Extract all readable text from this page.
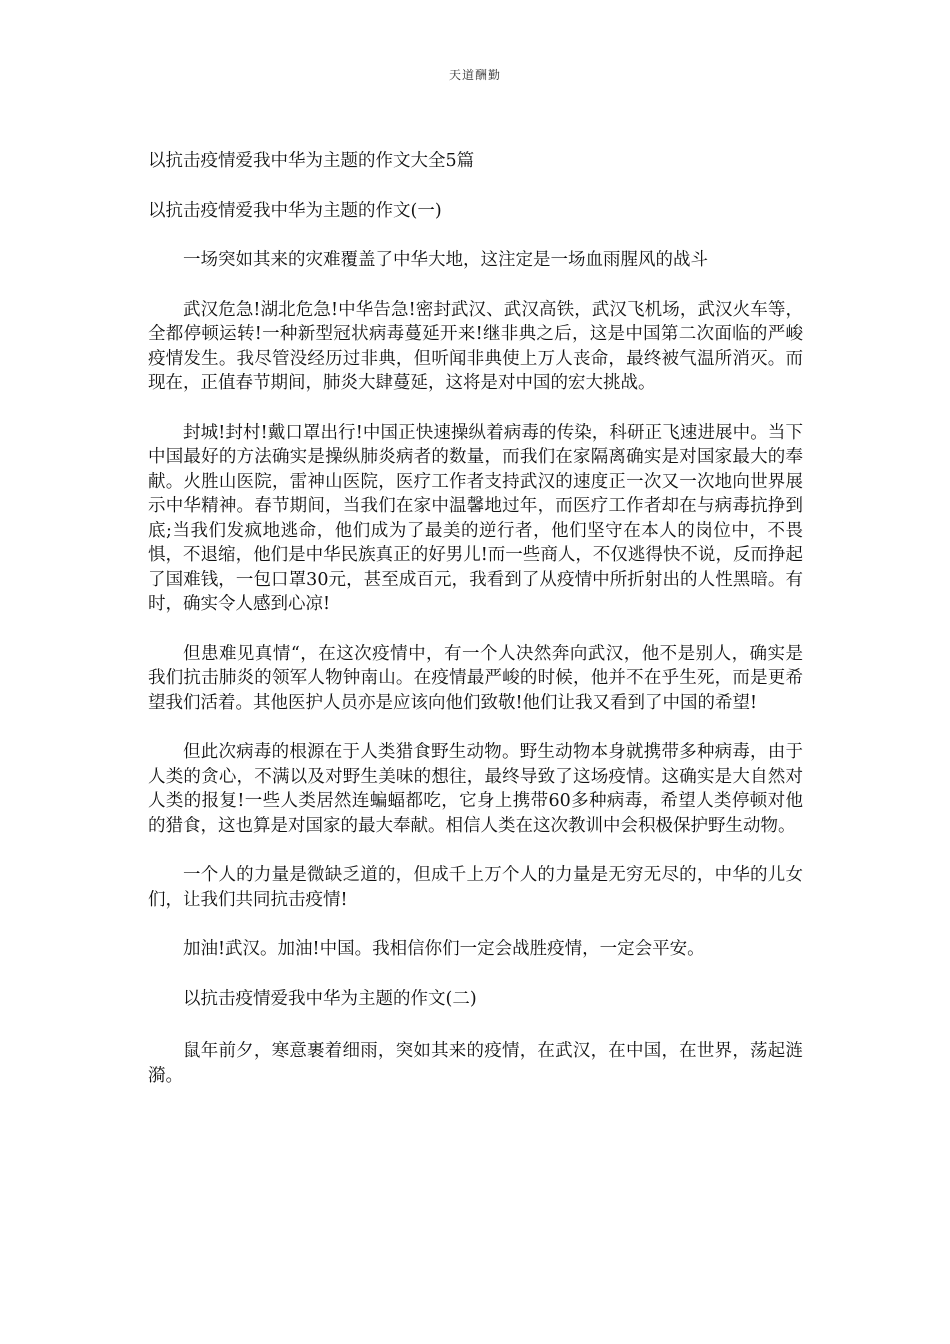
天道酬勤
以抗击疫情爱我中华为主题的作文大全5篇
以抗击疫情爱我中华为主题的作文(一)

一场突如其来的灾难覆盖了中华大地，这注定是一场血雨腥风的战斗

武汉危急!湖北危急!中华告急!密封武汉、武汉高铁，武汉飞机场，武汉火车等，全都停顿运转!一种新型冠状病毒蔓延开来!继非典之后，这是中国第二次面临的严峻疫情发生。我尽管没经历过非典，但听闻非典使上万人丧命，最终被气温所消灭。而现在，正值春节期间，肺炎大肆蔓延，这将是对中国的宏大挑战。

封城!封村!戴口罩出行!中国正快速操纵着病毒的传染，科研正飞速进展中。当下中国最好的方法确实是操纵肺炎病者的数量，而我们在家隔离确实是对国家最大的奉献。火胜山医院，雷神山医院，医疗工作者支持武汉的速度正一次又一次地向世界展示中华精神。春节期间，当我们在家中温馨地过年，而医疗工作者却在与病毒抗挣到底;当我们发疯地逃命，他们成为了最美的逆行者，他们坚守在本人的岗位中，不畏惧，不退缩，他们是中华民族真正的好男儿!而一些商人，不仅逃得快不说，反而挣起了国难钱，一包口罩30元，甚至成百元，我看到了从疫情中所折射出的人性黑暗。有时，确实令人感到心凉!

但患难见真情“，在这次疫情中，有一个人决然奔向武汉，他不是别人，确实是我们抗击肺炎的领军人物钟南山。在疫情最严峻的时候，他并不在乎生死，而是更希望我们活着。其他医护人员亦是应该向他们致敬!他们让我又看到了中国的希望!

但此次病毒的根源在于人类猎食野生动物。野生动物本身就携带多种病毒，由于人类的贪心，不满以及对野生美味的想往，最终导致了这场疫情。这确实是大自然对人类的报复!一些人类居然连蝙蝠都吃，它身上携带60多种病毒，希望人类停顿对他的猎食，这也算是对国家的最大奉献。相信人类在这次教训中会积极保护野生动物。

一个人的力量是微缺乏道的，但成千上万个人的力量是无穷无尽的，中华的儿女们，让我们共同抗击疫情!

加油!武汉。加油!中国。我相信你们一定会战胜疫情，一定会平安。

以抗击疫情爱我中华为主题的作文(二)

鼠年前夕，寒意裹着细雨，突如其来的疫情，在武汉，在中国，在世界，荡起涟漪。
